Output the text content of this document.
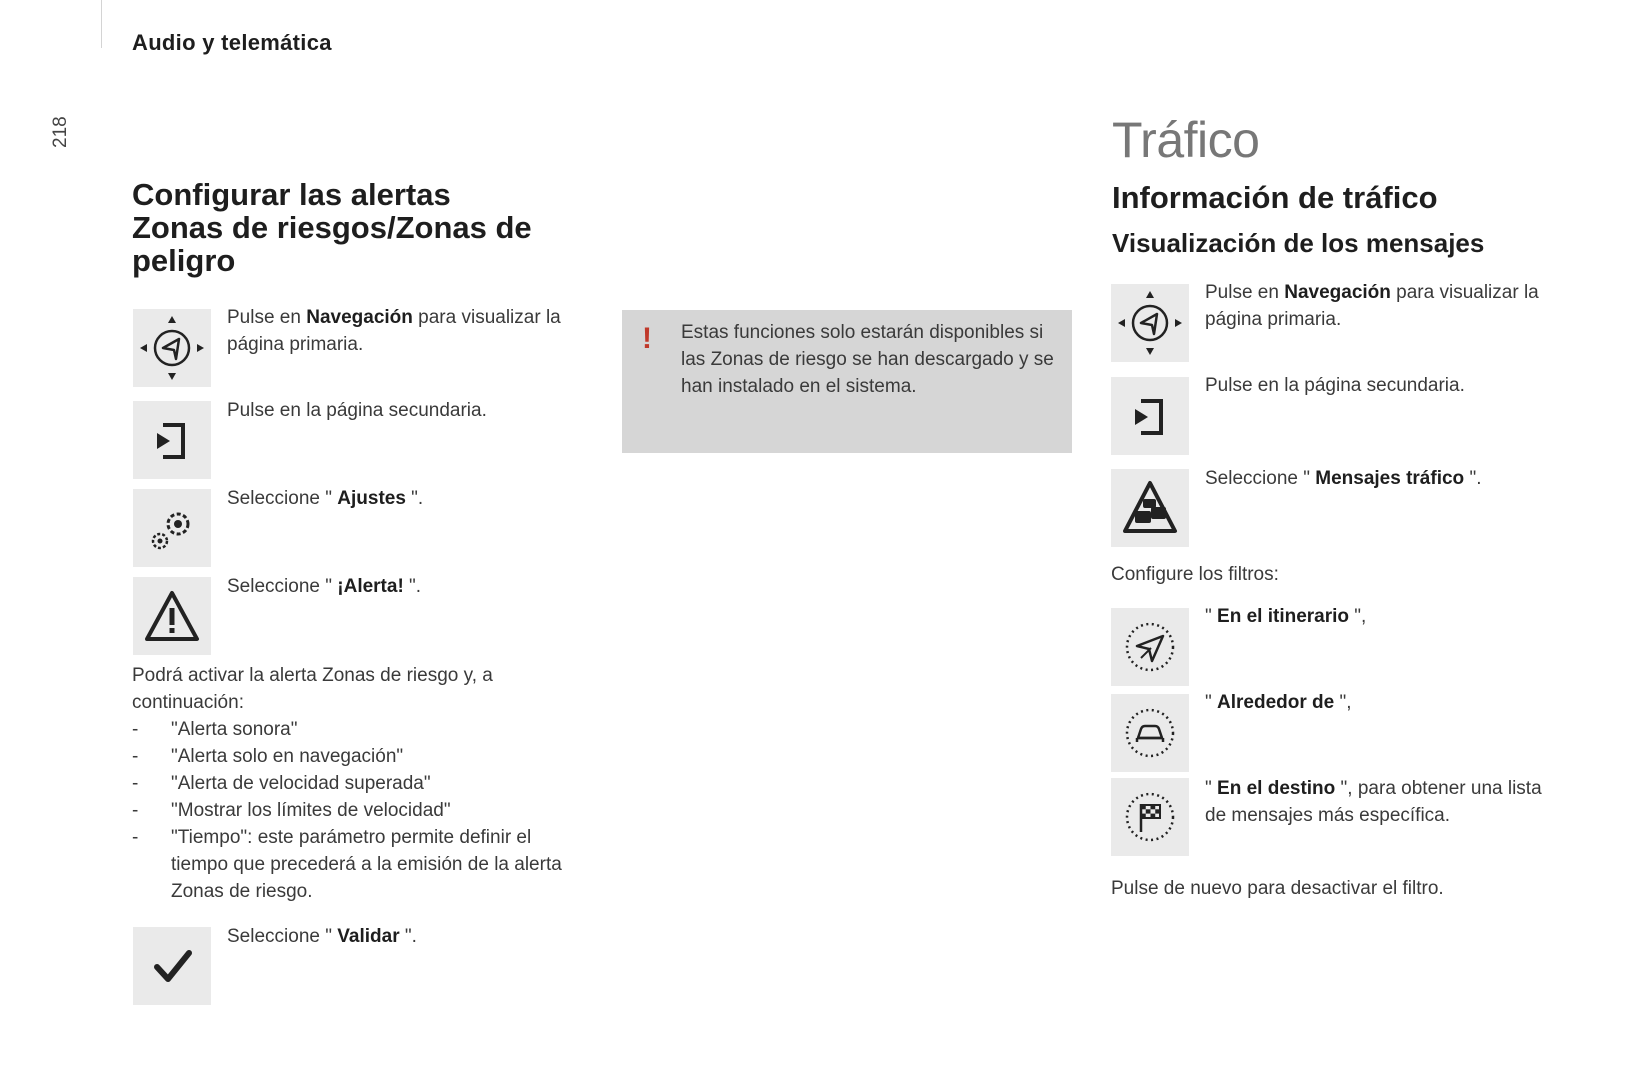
Audio y telemática
218
Configurar las alertas
Zonas de riesgos/Zonas de
peligro
Pulse en Navegación para visualizar la página primaria.
Pulse en la página secundaria.
Seleccione " Ajustes ".
Seleccione " ¡Alerta! ".
Podrá activar la alerta Zonas de riesgo y, a continuación:
- "Alerta sonora"
- "Alerta solo en navegación"
- "Alerta de velocidad superada"
- "Mostrar los límites de velocidad"
- "Tiempo": este parámetro permite definir el tiempo que precederá a la emisión de la alerta Zonas de riesgo.
Seleccione " Validar ".
! Estas funciones solo estarán disponibles si las Zonas de riesgo se han descargado y se han instalado en el sistema.
Tráfico
Información de tráfico
Visualización de los mensajes
Pulse en Navegación para visualizar la página primaria.
Pulse en la página secundaria.
Seleccione " Mensajes tráfico ".
Configure los filtros:
" En el itinerario ",
" Alrededor de ",
" En el destino ", para obtener una lista de mensajes más específica.
Pulse de nuevo para desactivar el filtro.
